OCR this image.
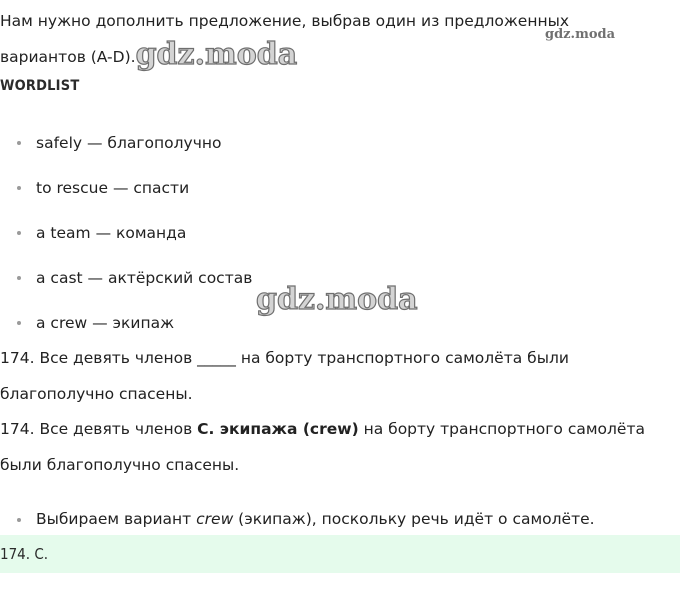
Нам нужно дополнить предложение, выбрав один из предложенных
вариантов (A-D).gdz.moda

gdz.moda
WORDLIST
safely — благополучно
to rescue — спасти
a team — команда
a cast — актёрский состав
a crew — экипаж
gdz.moda

174. Все девять членов _____ на борту транспортного самолёта были благополучно спасены.

174. Все девять членов С. экипажа (crew) на борту транспортного самолёта были благополучно спасены.

Выбираем вариант crew (экипаж), поскольку речь идёт о самолёте.
174. C.
